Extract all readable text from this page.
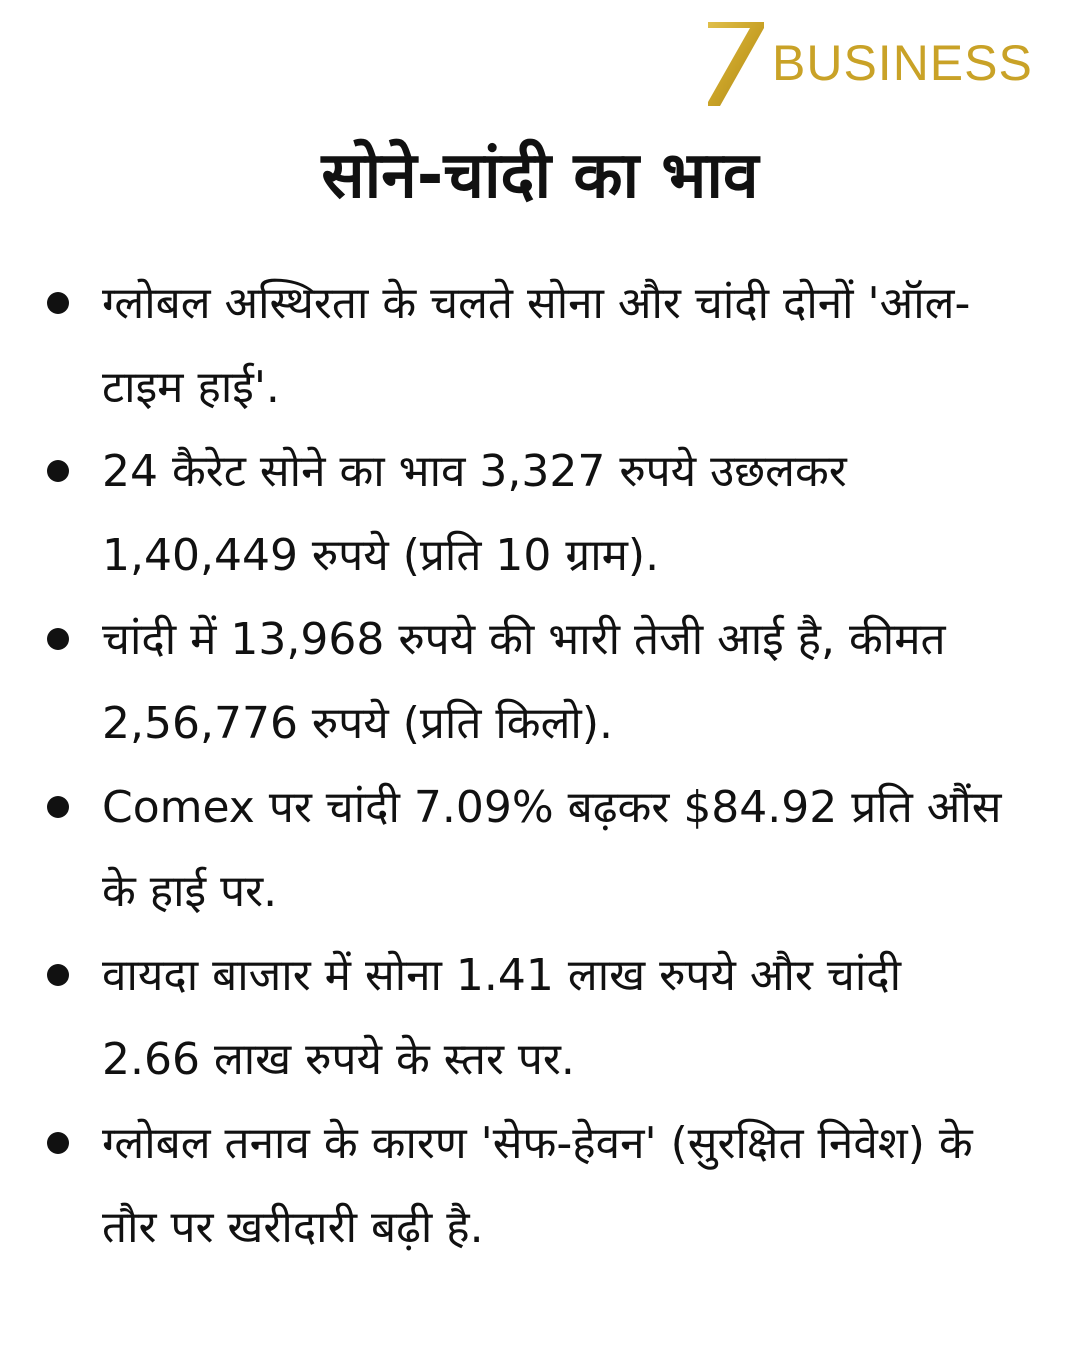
BUSINESS
सोने-चांदी का भाव
ग्लोबल अस्थिरता के चलते सोना और चांदी दोनों 'ऑल-टाइम हाई'.
24 कैरेट सोने का भाव 3,327 रुपये उछलकर 1,40,449 रुपये (प्रति 10 ग्राम).
चांदी में 13,968 रुपये की भारी तेजी आई है, कीमत 2,56,776 रुपये (प्रति किलो).
Comex पर चांदी 7.09% बढ़कर $84.92 प्रति औंस के हाई पर.
वायदा बाजार में सोना 1.41 लाख रुपये और चांदी 2.66 लाख रुपये के स्तर पर.
ग्लोबल तनाव के कारण 'सेफ-हेवन' (सुरक्षित निवेश) के तौर पर खरीदारी बढ़ी है.
